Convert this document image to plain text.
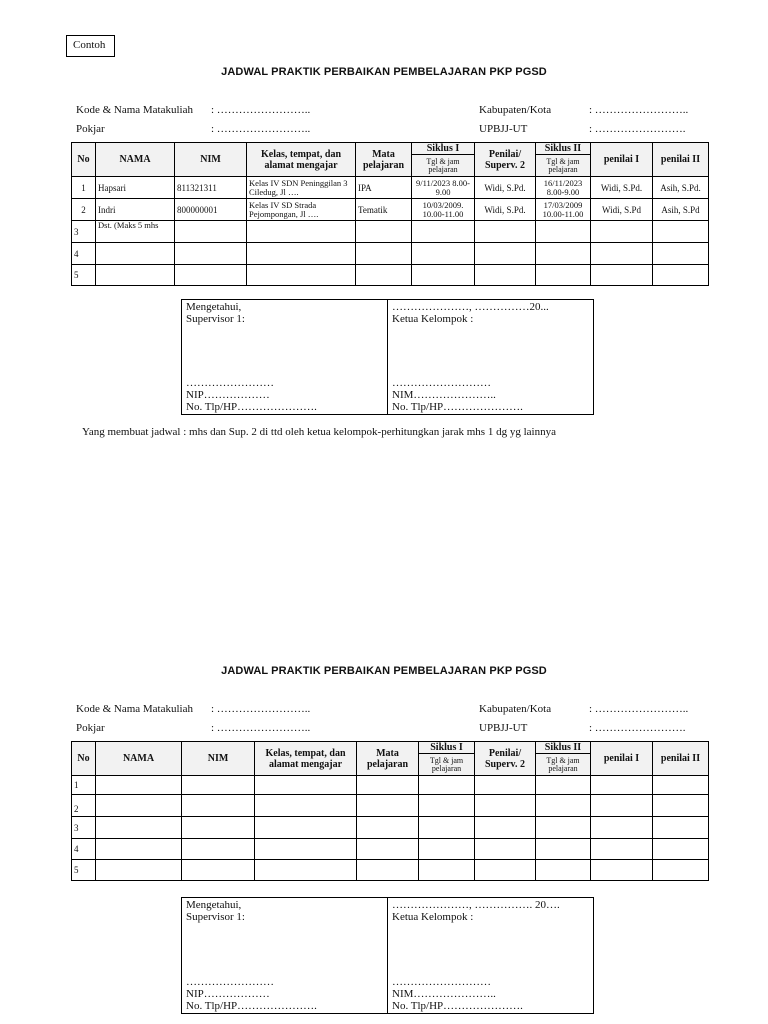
Contoh
JADWAL PRAKTIK PERBAIKAN PEMBELAJARAN PKP PGSD
Kode & Nama Matakuliah : ……………………..
Pokjar	: ……………………..
Kabupaten/Kota	: ……………………..
UPBJJ-UT	: …………………….
No	NAMA	NIM	Kelas, tempat, dan alamat mengajar	Mata pelajaran	Siklus I	Penilai/ Superv. 2	Siklus II	penilai I	penilai II
					Tgl & jam pelajaran		Tgl & jam pelajaran		
1	Hapsari	811321311	Kelas IV SDN Peninggilan 3 Ciledug, Jl ….	IPA	9/11/2023 8.00-9.00	Widi, S.Pd.	16/11/2023 8.00-9.00	Widi, S.Pd.	Asih, S.Pd.
2	Indri	800000001	Kelas IV SD Strada Pejompongan, Jl ….	Tematik	10/03/2009. 10.00-11.00	Widi, S.Pd.	17/03/2009 10.00-11.00	Widi, S.Pd	Asih, S.Pd
3	Dst. (Maks 5 mhs								
4									
5									
Mengetahui,
Supervisor 1:
……………………
NIP………………
No. Tlp/HP………………….
…………………, ……………20...
Ketua Kelompok :
………………………
NIM…………………..
No. Tlp/HP………………….
Yang membuat jadwal : mhs dan Sup. 2 di ttd oleh ketua kelompok-perhitungkan jarak mhs 1 dg yg lainnya
JADWAL PRAKTIK PERBAIKAN PEMBELAJARAN PKP PGSD
Kode & Nama Matakuliah : ……………………..
Pokjar	: ……………………..
Kabupaten/Kota	: ……………………..
UPBJJ-UT	: …………………….
No	NAMA	NIM	Kelas, tempat, dan alamat mengajar	Mata pelajaran	Siklus I	Penilai/ Superv. 2	Siklus II	penilai I	penilai II
					Tgl & jam pelajaran		Tgl & jam pelajaran		
1									
2									
3									
4									
5									
Mengetahui,
Supervisor 1:
……………………
NIP………………
No. Tlp/HP………………….
…………………, ……………. 20….
Ketua Kelompok :
………………………
NIM…………………..
No. Tlp/HP………………….
